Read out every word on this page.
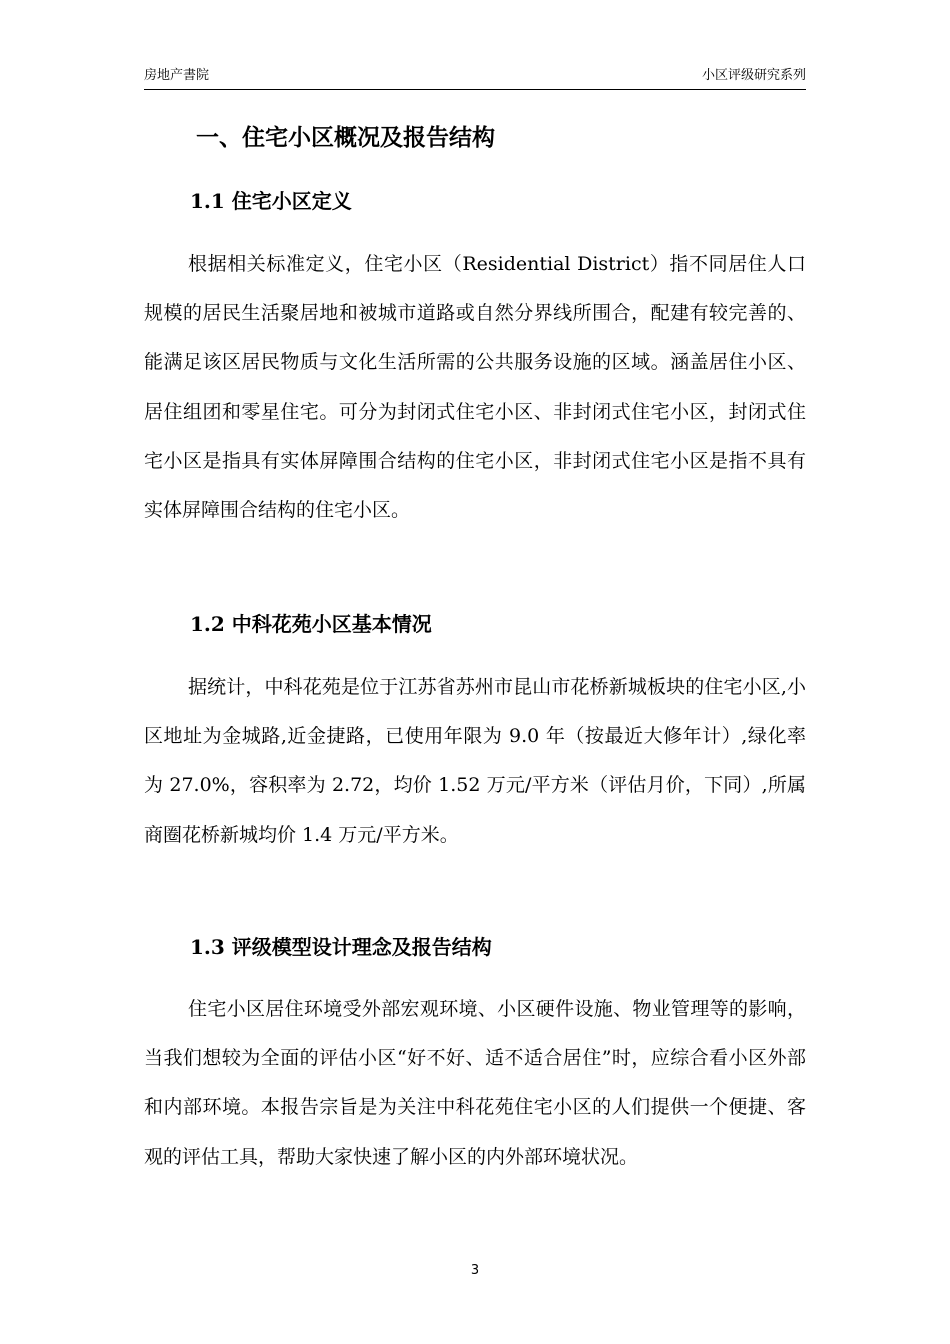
房地产書院	小区评级研究系列
一、住宅小区概况及报告结构
1.1 住宅小区定义

根据相关标准定义，住宅小区（Residential District）指不同居住人口规模的居民生活聚居地和被城市道路或自然分界线所围合，配建有较完善的、能满足该区居民物质与文化生活所需的公共服务设施的区域。涵盖居住小区、居住组团和零星住宅。可分为封闭式住宅小区、非封闭式住宅小区，封闭式住宅小区是指具有实体屏障围合结构的住宅小区，非封闭式住宅小区是指不具有实体屏障围合结构的住宅小区。

1.2 中科花苑小区基本情况

据统计，中科花苑是位于江苏省苏州市昆山市花桥新城板块的住宅小区,小区地址为金城路,近金捷路，已使用年限为 9.0 年（按最近大修年计）,绿化率为 27.0%，容积率为 2.72，均价 1.52 万元/平方米（评估月价，下同）,所属商圈花桥新城均价 1.4 万元/平方米。

1.3 评级模型设计理念及报告结构

住宅小区居住环境受外部宏观环境、小区硬件设施、物业管理等的影响，当我们想较为全面的评估小区“好不好、适不适合居住”时，应综合看小区外部和内部环境。本报告宗旨是为关注中科花苑住宅小区的人们提供一个便捷、客观的评估工具，帮助大家快速了解小区的内外部环境状况。

3
